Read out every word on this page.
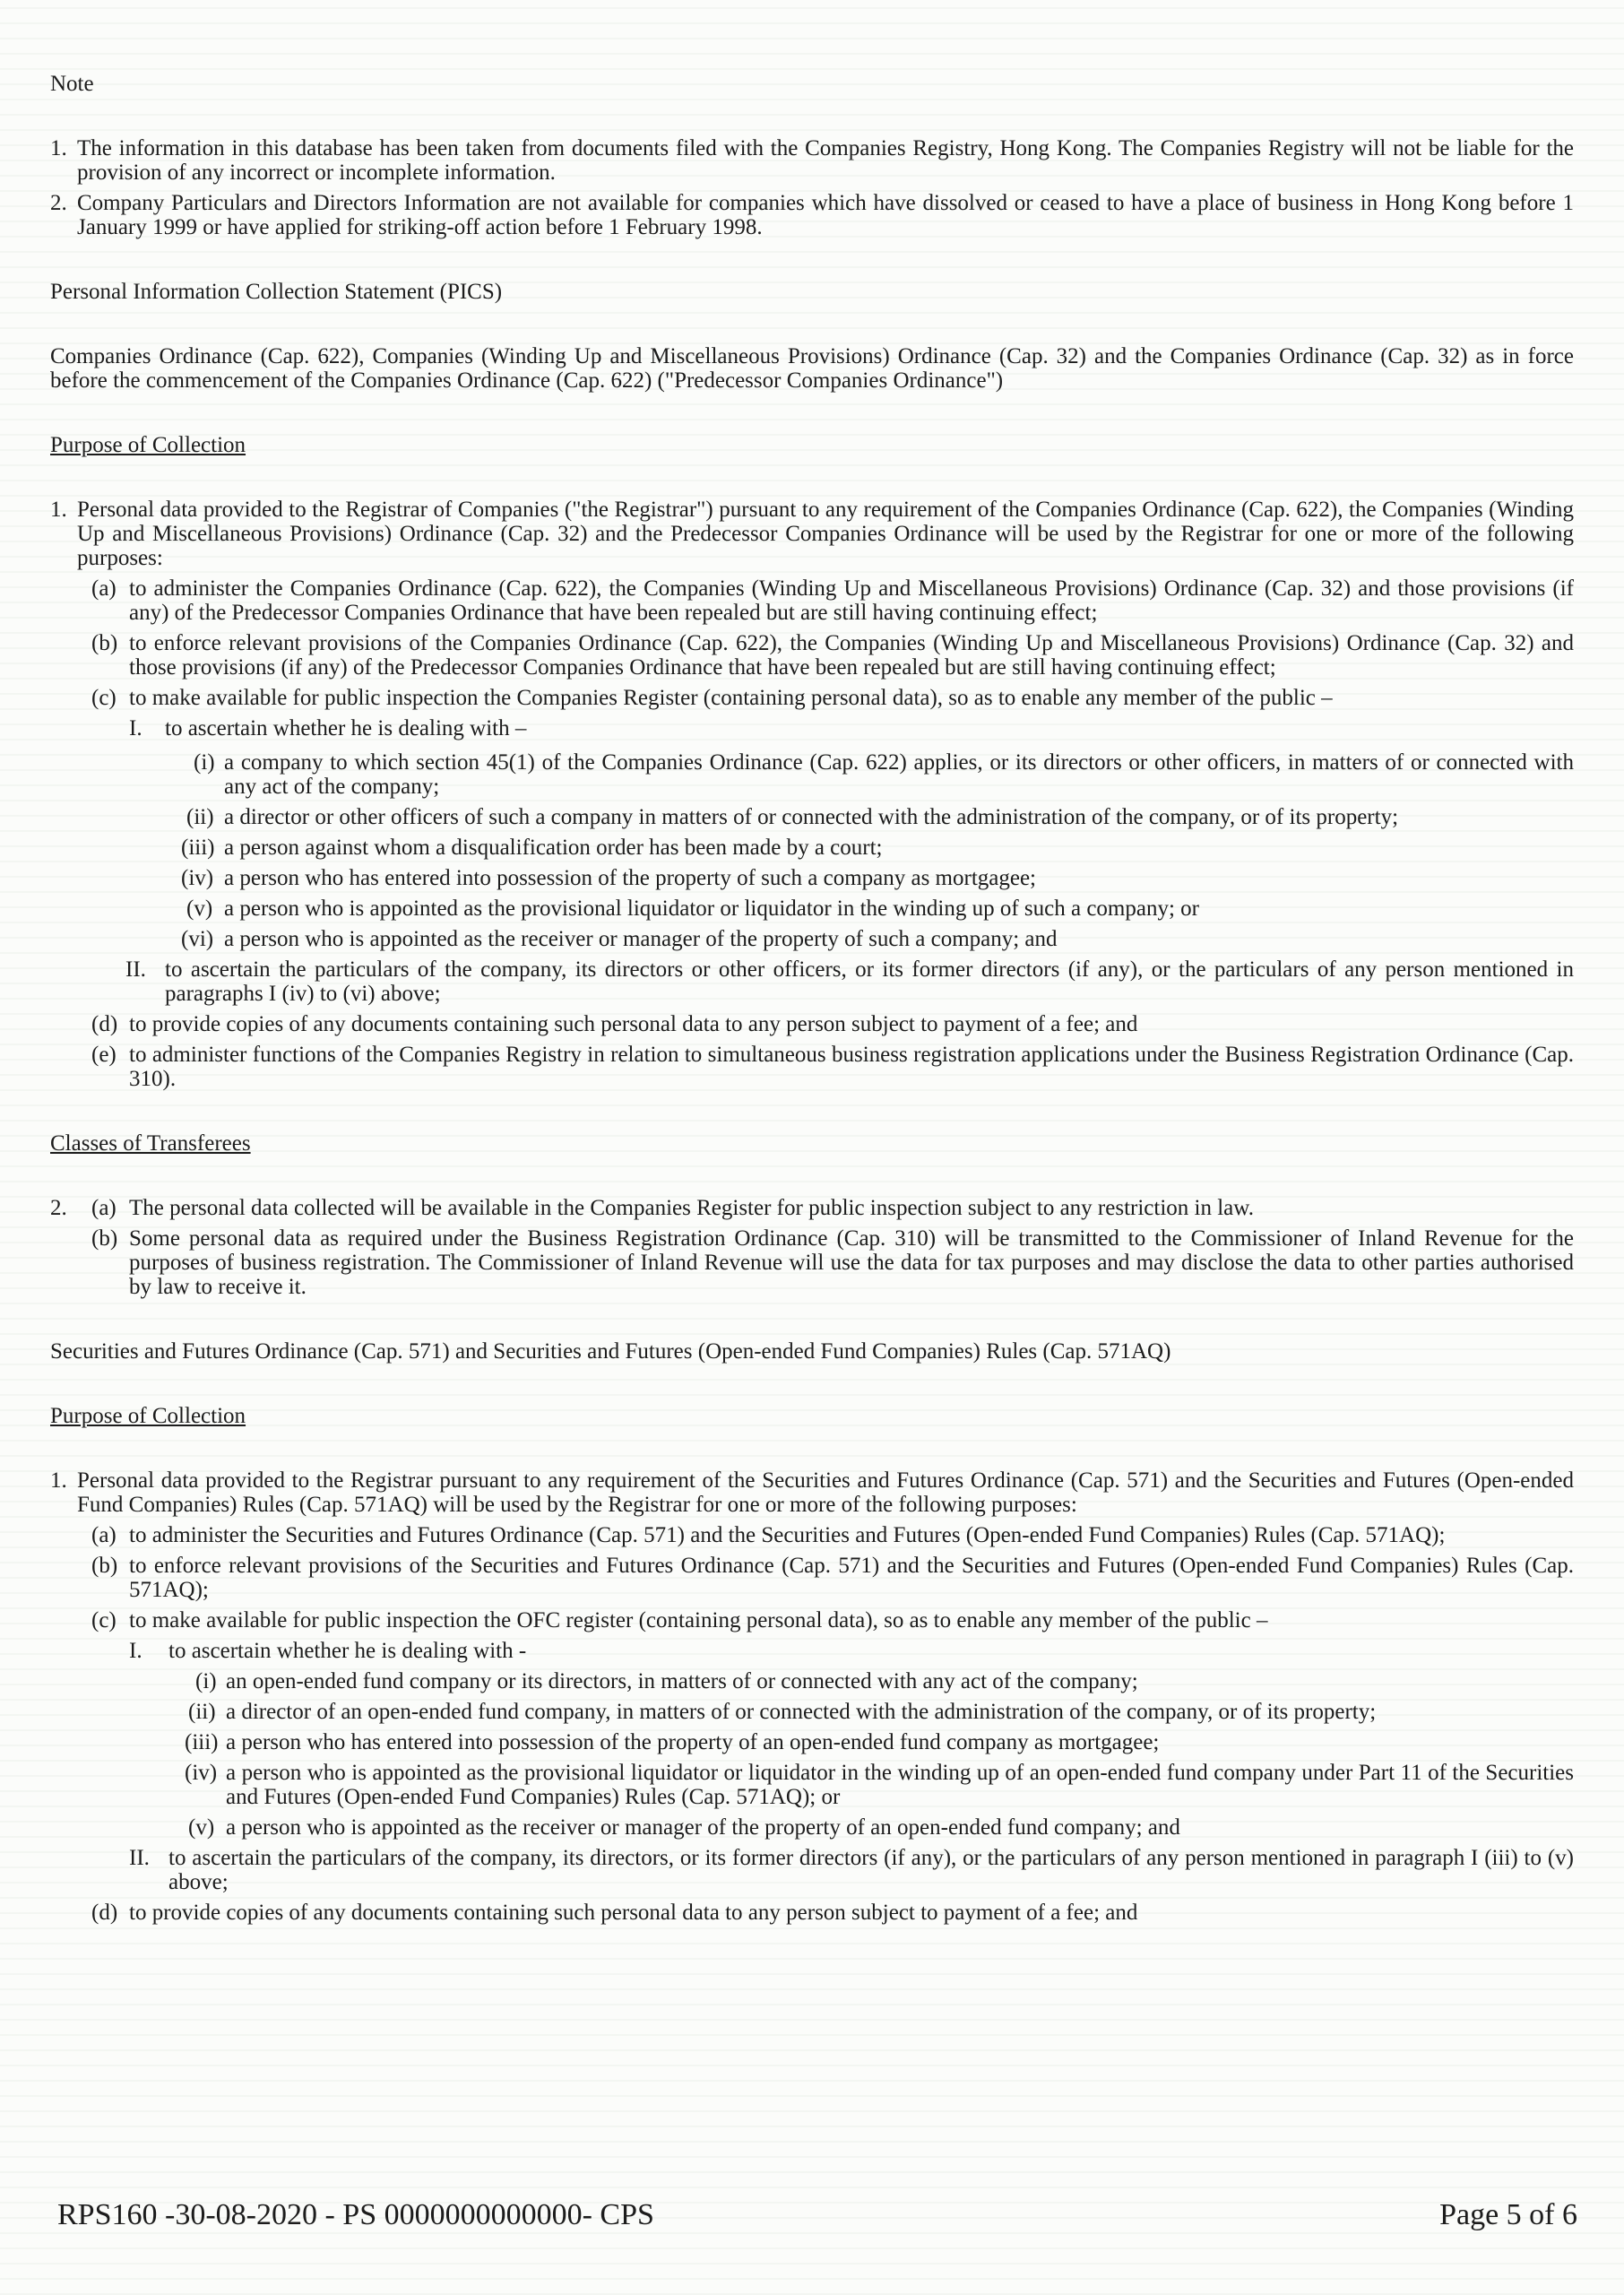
Note

1. The information in this database has been taken from documents filed with the Companies Registry, Hong Kong. The Companies Registry will not be liable for the provision of any incorrect or incomplete information.
2. Company Particulars and Directors Information are not available for companies which have dissolved or ceased to have a place of business in Hong Kong before 1 January 1999 or have applied for striking-off action before 1 February 1998.

Personal Information Collection Statement (PICS)

Companies Ordinance (Cap. 622), Companies (Winding Up and Miscellaneous Provisions) Ordinance (Cap. 32) and the Companies Ordinance (Cap. 32) as in force before the commencement of the Companies Ordinance (Cap. 622) ("Predecessor Companies Ordinance")

Purpose of Collection

1. Personal data provided to the Registrar of Companies ("the Registrar") pursuant to any requirement of the Companies Ordinance (Cap. 622), the Companies (Winding Up and Miscellaneous Provisions) Ordinance (Cap. 32) and the Predecessor Companies Ordinance will be used by the Registrar for one or more of the following purposes:
(a) to administer the Companies Ordinance (Cap. 622), the Companies (Winding Up and Miscellaneous Provisions) Ordinance (Cap. 32) and those provisions (if any) of the Predecessor Companies Ordinance that have been repealed but are still having continuing effect;
(b) to enforce relevant provisions of the Companies Ordinance (Cap. 622), the Companies (Winding Up and Miscellaneous Provisions) Ordinance (Cap. 32) and those provisions (if any) of the Predecessor Companies Ordinance that have been repealed but are still having continuing effect;
(c) to make available for public inspection the Companies Register (containing personal data), so as to enable any member of the public –
I.	to ascertain whether he is dealing with –
(i) a company to which section 45(1) of the Companies Ordinance (Cap. 622) applies, or its directors or other officers, in matters of or connected with any act of the company;
(ii) a director or other officers of such a company in matters of or connected with the administration of the company, or of its property;
(iii) a person against whom a disqualification order has been made by a court;
(iv) a person who has entered into possession of the property of such a company as mortgagee;
(v) a person who is appointed as the provisional liquidator or liquidator in the winding up of such a company; or
(vi) a person who is appointed as the receiver or manager of the property of such a company; and
II. to ascertain the particulars of the company, its directors or other officers, or its former directors (if any), or the particulars of any person mentioned in paragraphs I (iv) to (vi) above;
(d) to provide copies of any documents containing such personal data to any person subject to payment of a fee; and
(e) to administer functions of the Companies Registry in relation to simultaneous business registration applications under the Business Registration Ordinance (Cap. 310).

Classes of Transferees

2.	(a) The personal data collected will be available in the Companies Register for public inspection subject to any restriction in law.
(b) Some personal data as required under the Business Registration Ordinance (Cap. 310) will be transmitted to the Commissioner of Inland Revenue for the purposes of business registration. The Commissioner of Inland Revenue will use the data for tax purposes and may disclose the data to other parties authorised by law to receive it.

Securities and Futures Ordinance (Cap. 571) and Securities and Futures (Open-ended Fund Companies) Rules (Cap. 571AQ)

Purpose of Collection

1. Personal data provided to the Registrar pursuant to any requirement of the Securities and Futures Ordinance (Cap. 571) and the Securities and Futures (Open-ended Fund Companies) Rules (Cap. 571AQ) will be used by the Registrar for one or more of the following purposes:
(a) to administer the Securities and Futures Ordinance (Cap. 571) and the Securities and Futures (Open-ended Fund Companies) Rules (Cap. 571AQ);
(b) to enforce relevant provisions of the Securities and Futures Ordinance (Cap. 571) and the Securities and Futures (Open-ended Fund Companies) Rules (Cap. 571AQ);
(c) to make available for public inspection the OFC register (containing personal data), so as to enable any member of the public –
I.	to ascertain whether he is dealing with -
(i) an open-ended fund company or its directors, in matters of or connected with any act of the company;
(ii) a director of an open-ended fund company, in matters of or connected with the administration of the company, or of its property;
(iii) a person who has entered into possession of the property of an open-ended fund company as mortgagee;
(iv) a person who is appointed as the provisional liquidator or liquidator in the winding up of an open-ended fund company under Part 11 of the Securities and Futures (Open-ended Fund Companies) Rules (Cap. 571AQ); or
(v) a person who is appointed as the receiver or manager of the property of an open-ended fund company; and
II. to ascertain the particulars of the company, its directors, or its former directors (if any), or the particulars of any person mentioned in paragraph I (iii) to (v) above;
(d) to provide copies of any documents containing such personal data to any person subject to payment of a fee; and
RPS160 -30-08-2020 - PS 0000000000000- CPS	Page 5 of 6
